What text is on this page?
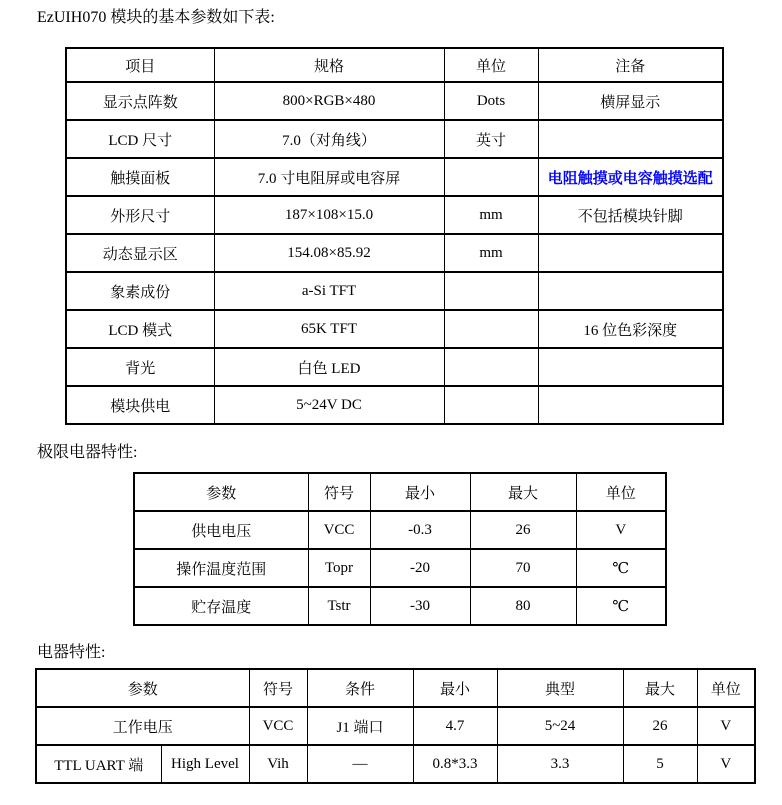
EzUIH070 模块的基本参数如下表:
项目	规格	单位	注备
显示点阵数	800×RGB×480	Dots	横屏显示
LCD 尺寸	7.0（对角线）	英寸	
触摸面板	7.0 寸电阻屏或电容屏		电阻触摸或电容触摸选配
外形尺寸	187×108×15.0	mm	不包括模块针脚
动态显示区	154.08×85.92	mm	
象素成份	a-Si TFT		
LCD 模式	65K TFT		16 位色彩深度
背光	白色 LED		
模块供电	5~24V DC		
极限电器特性:
参数	符号	最小	最大	单位
供电电压	VCC	-0.3	26	V
操作温度范围	Topr	-20	70	℃
贮存温度	Tstr	-30	80	℃
电器特性:
参数		符号	条件	最小	典型	最大	单位
工作电压		VCC	J1 端口	4.7	5~24	26	V
TTL UART 端	High Level	Vih	—	0.8*3.3	3.3	5	V
